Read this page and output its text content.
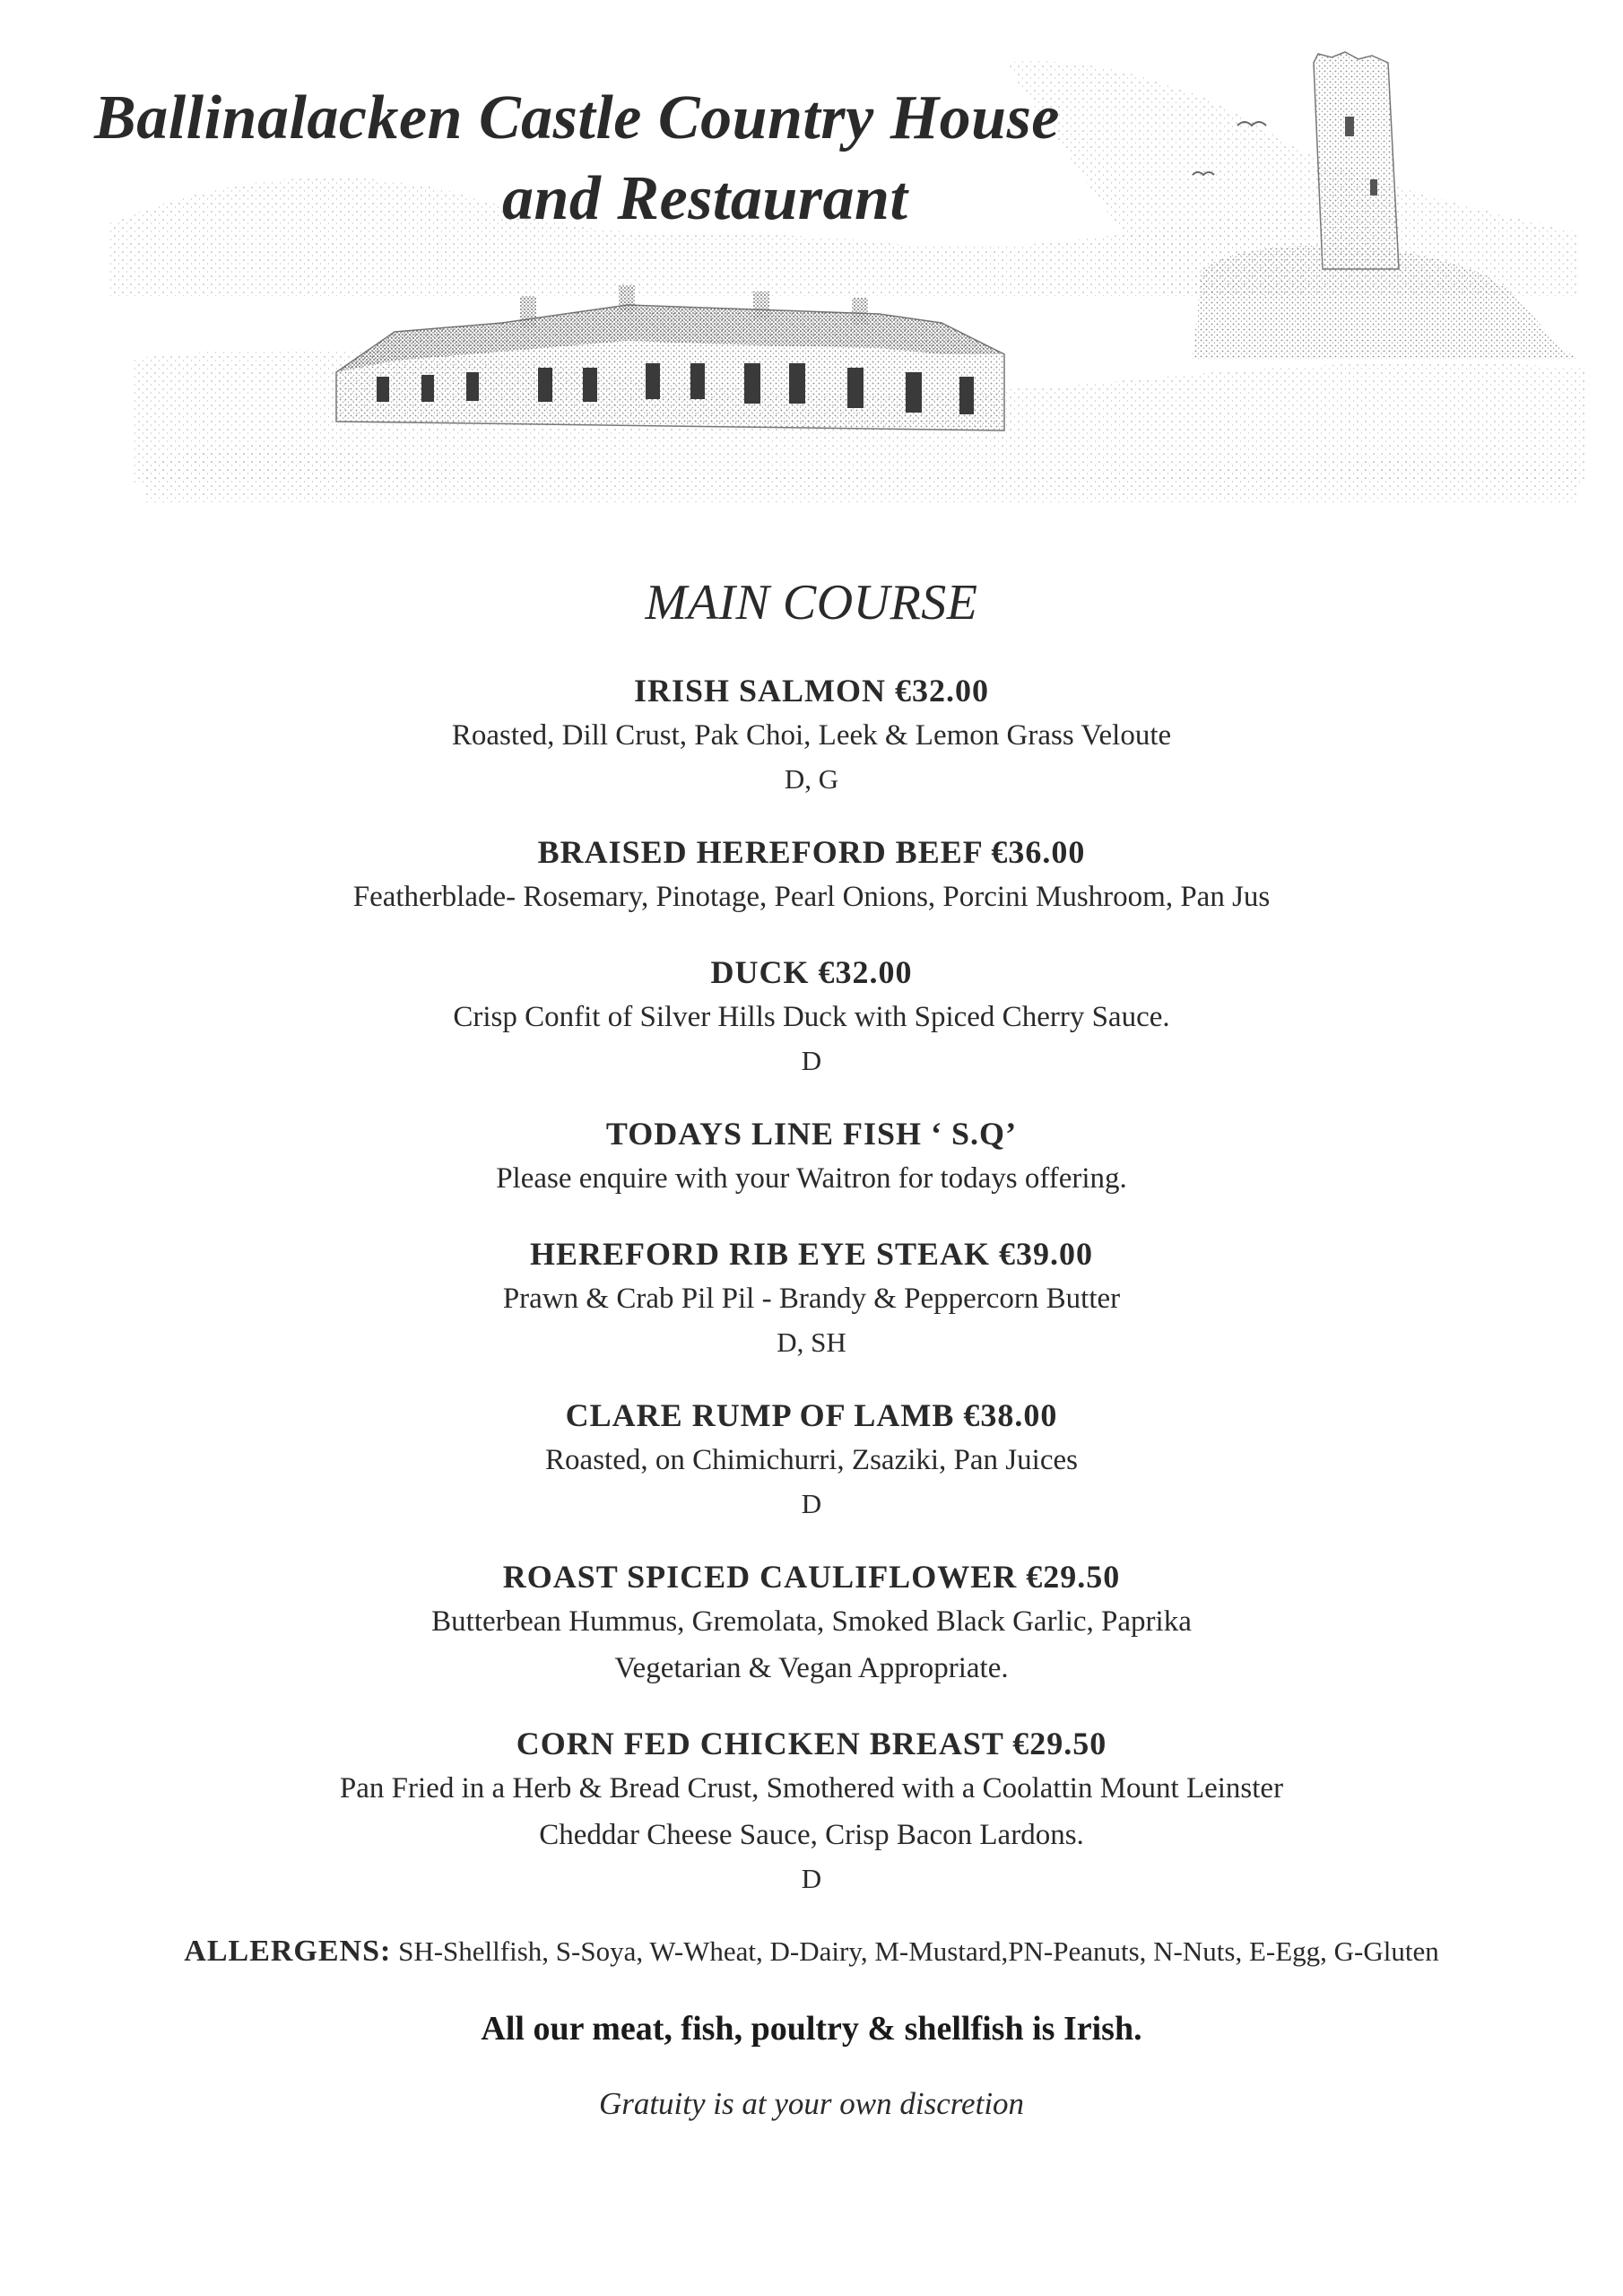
Ballinalacken Castle Country House
and Restaurant
MAIN COURSE
IRISH SALMON €32.00
Roasted, Dill Crust, Pak Choi, Leek & Lemon Grass Veloute
D, G
BRAISED HEREFORD BEEF €36.00
Featherblade- Rosemary, Pinotage, Pearl Onions, Porcini Mushroom, Pan Jus
DUCK €32.00
Crisp Confit of Silver Hills Duck with Spiced Cherry Sauce.
D
TODAYS LINE FISH ‘ S.Q’
Please enquire with your Waitron for todays offering.
HEREFORD RIB EYE STEAK €39.00
Prawn & Crab Pil Pil - Brandy & Peppercorn Butter
D, SH
CLARE RUMP OF LAMB €38.00
Roasted, on Chimichurri, Zsaziki, Pan Juices
D
ROAST SPICED CAULIFLOWER €29.50
Butterbean Hummus, Gremolata, Smoked Black Garlic, Paprika
Vegetarian & Vegan Appropriate.
CORN FED CHICKEN BREAST €29.50
Pan Fried in a Herb & Bread Crust, Smothered with a Coolattin Mount Leinster
Cheddar Cheese Sauce, Crisp Bacon Lardons.
D
ALLERGENS: SH-Shellfish, S-Soya, W-Wheat, D-Dairy, M-Mustard,PN-Peanuts, N-Nuts, E-Egg, G-Gluten
All our meat, fish, poultry & shellfish is Irish.
Gratuity is at your own discretion
